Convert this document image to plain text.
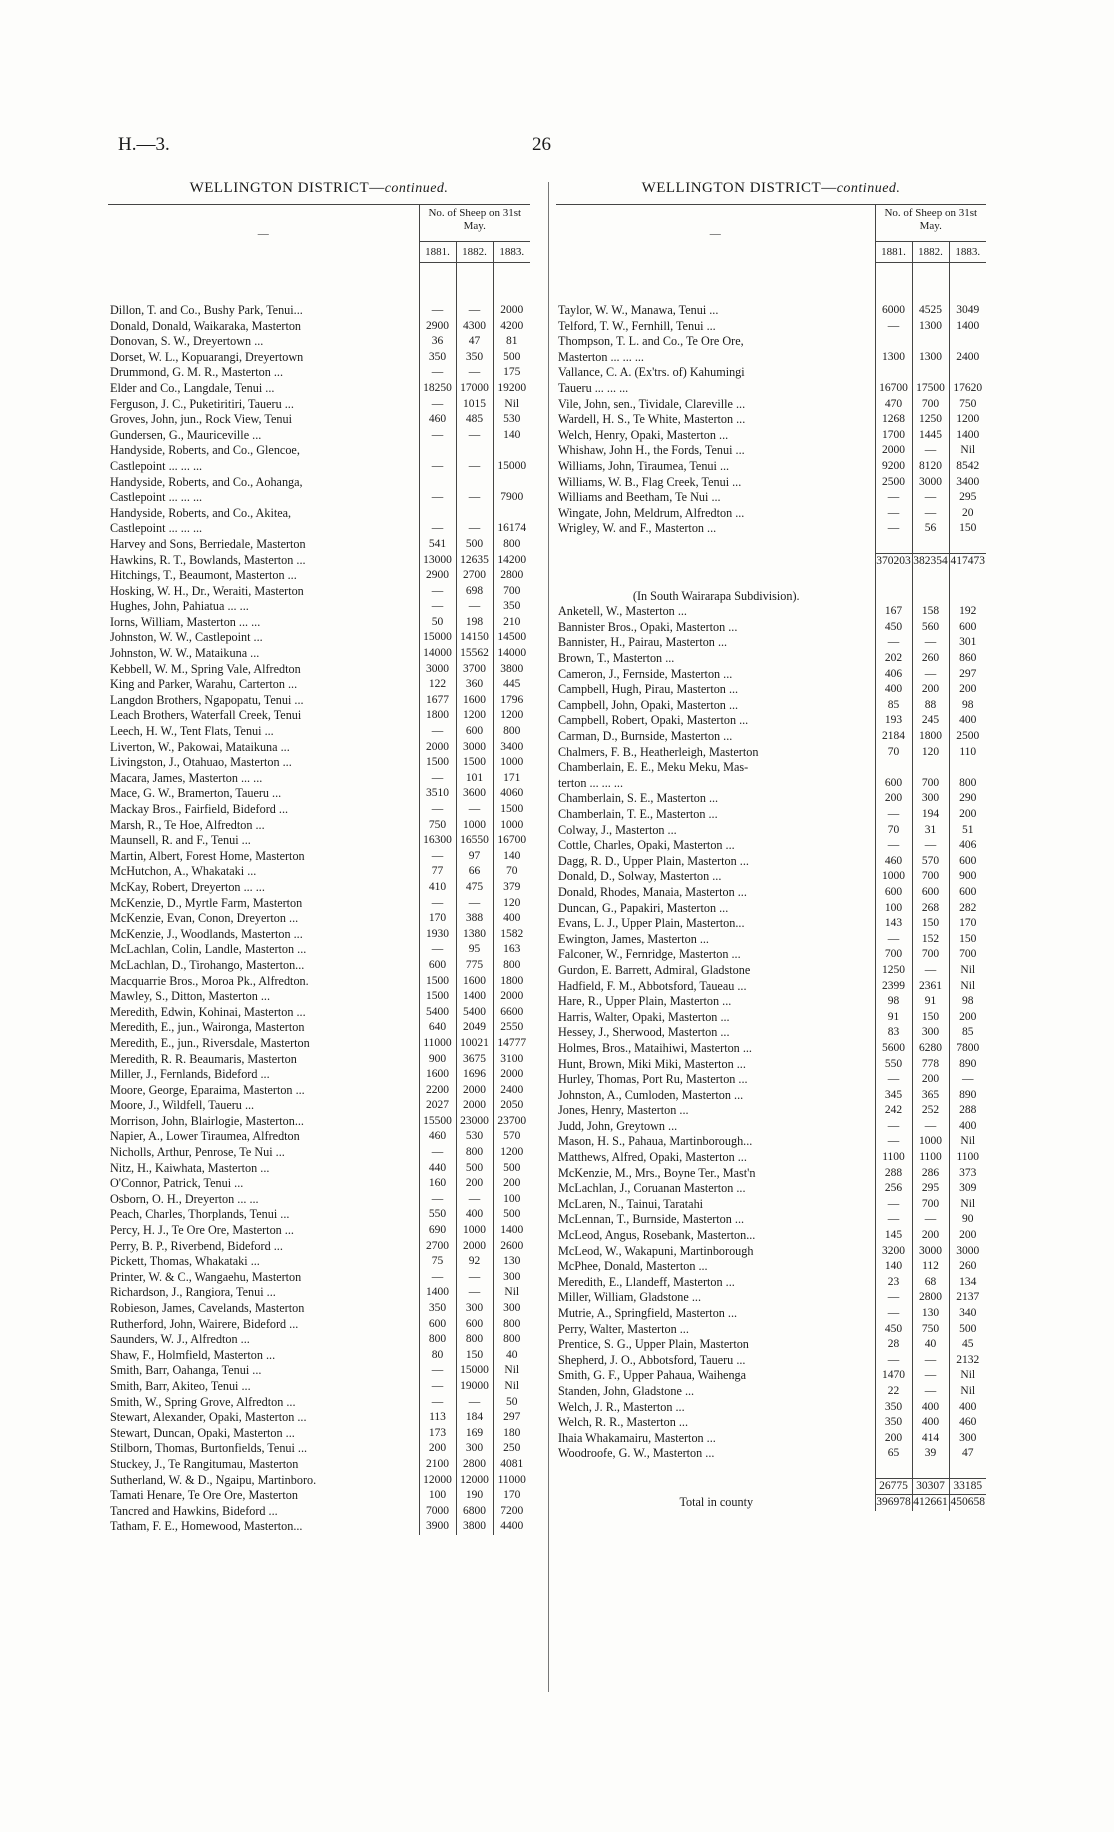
H.—3.	26
WELLINGTON DISTRICT—continued.
—	No. of Sheep on 31st May.		
	1881.	1882.	1883.

Dillon, T. and Co., Bushy Park, Tenui...	—	—	2000
Donald, Donald, Waikaraka, Masterton	2900	4300	4200
Donovan, S. W., Dreyertown ...	36	47	81
Dorset, W. L., Kopuarangi, Dreyertown	350	350	500
Drummond, G. M. R., Masterton ...	—	—	175
Elder and Co., Langdale, Tenui ...	18250	17000	19200
Ferguson, J. C., Puketiritiri, Taueru ...	—	1015	Nil
Groves, John, jun., Rock View, Tenui	460	485	530
Gundersen, G., Mauriceville ...	—	—	140
Handyside, Roberts, and Co., Glencoe,			
Castlepoint ... ... ...	—	—	15000
Handyside, Roberts, and Co., Aohanga,			
Castlepoint ... ... ...	—	—	7900
Handyside, Roberts, and Co., Akitea,			
Castlepoint ... ... ...	—	—	16174
Harvey and Sons, Berriedale, Masterton	541	500	800
Hawkins, R. T., Bowlands, Masterton ...	13000	12635	14200
Hitchings, T., Beaumont, Masterton ...	2900	2700	2800
Hosking, W. H., Dr., Weraiti, Masterton	—	698	700
Hughes, John, Pahiatua ... ...	—	—	350
Iorns, William, Masterton ... ...	50	198	210
Johnston, W. W., Castlepoint ...	15000	14150	14500
Johnston, W. W., Mataikuna ...	14000	15562	14000
Kebbell, W. M., Spring Vale, Alfredton	3000	3700	3800
King and Parker, Warahu, Carterton ...	122	360	445
Langdon Brothers, Ngapopatu, Tenui ...	1677	1600	1796
Leach Brothers, Waterfall Creek, Tenui	1800	1200	1200
Leech, H. W., Tent Flats, Tenui ...	—	600	800
Liverton, W., Pakowai, Mataikuna ...	2000	3000	3400
Livingston, J., Otahuao, Masterton ...	1500	1500	1000
Macara, James, Masterton ... ...	—	101	171
Mace, G. W., Bramerton, Taueru ...	3510	3600	4060
Mackay Bros., Fairfield, Bideford ...	—	—	1500
Marsh, R., Te Hoe, Alfredton ...	750	1000	1000
Maunsell, R. and F., Tenui ...	16300	16550	16700
Martin, Albert, Forest Home, Masterton	—	97	140
McHutchon, A., Whakataki ...	77	66	70
McKay, Robert, Dreyerton ... ...	410	475	379
McKenzie, D., Myrtle Farm, Masterton	—	—	120
McKenzie, Evan, Conon, Dreyerton ...	170	388	400
McKenzie, J., Woodlands, Masterton ...	1930	1380	1582
McLachlan, Colin, Landle, Masterton ...	—	95	163
McLachlan, D., Tirohango, Masterton...	600	775	800
Macquarrie Bros., Moroa Pk., Alfredton.	1500	1600	1800
Mawley, S., Ditton, Masterton ...	1500	1400	2000
Meredith, Edwin, Kohinai, Masterton ...	5400	5400	6600
Meredith, E., jun., Waironga, Masterton	640	2049	2550
Meredith, E., jun., Riversdale, Masterton	11000	10021	14777
Meredith, R. R. Beaumaris, Masterton	900	3675	3100
Miller, J., Fernlands, Bideford ...	1600	1696	2000
Moore, George, Eparaima, Masterton ...	2200	2000	2400
Moore, J., Wildfell, Taueru ...	2027	2000	2050
Morrison, John, Blairlogie, Masterton...	15500	23000	23700
Napier, A., Lower Tiraumea, Alfredton	460	530	570
Nicholls, Arthur, Penrose, Te Nui ...	—	800	1200
Nitz, H., Kaiwhata, Masterton ...	440	500	500
O'Connor, Patrick, Tenui ...	160	200	200
Osborn, O. H., Dreyerton ... ...	—	—	100
Peach, Charles, Thorplands, Tenui ...	550	400	500
Percy, H. J., Te Ore Ore, Masterton ...	690	1000	1400
Perry, B. P., Riverbend, Bideford ...	2700	2000	2600
Pickett, Thomas, Whakataki ...	75	92	130
Printer, W. & C., Wangaehu, Masterton	—	—	300
Richardson, J., Rangiora, Tenui ...	1400	—	Nil
Robieson, James, Cavelands, Masterton	350	300	300
Rutherford, John, Wairere, Bideford ...	600	600	800
Saunders, W. J., Alfredton ...	800	800	800
Shaw, F., Holmfield, Masterton ...	80	150	40
Smith, Barr, Oahanga, Tenui ...	—	15000	Nil
Smith, Barr, Akiteo, Tenui ...	—	19000	Nil
Smith, W., Spring Grove, Alfredton ...	—	—	50
Stewart, Alexander, Opaki, Masterton ...	113	184	297
Stewart, Duncan, Opaki, Masterton ...	173	169	180
Stilborn, Thomas, Burtonfields, Tenui ...	200	300	250
Stuckey, J., Te Rangitumau, Masterton	2100	2800	4081
Sutherland, W. & D., Ngaipu, Martinboro.	12000	12000	11000
Tamati Henare, Te Ore Ore, Masterton	100	190	170
Tancred and Hawkins, Bideford ...	7000	6800	7200
Tatham, F. E., Homewood, Masterton...	3900	3800	4400
WELLINGTON DISTRICT—continued.
—	No. of Sheep on 31st May.		
	1881.	1882.	1883.

Taylor, W. W., Manawa, Tenui ...	6000	4525	3049
Telford, T. W., Fernhill, Tenui ...	—	1300	1400
Thompson, T. L. and Co., Te Ore Ore,			
Masterton ... ... ...	1300	1300	2400
Vallance, C. A. (Ex'trs. of) Kahumingi			
Taueru ... ... ...	16700	17500	17620
Vile, John, sen., Tividale, Clareville ...	470	700	750
Wardell, H. S., Te White, Masterton ...	1268	1250	1200
Welch, Henry, Opaki, Masterton ...	1700	1445	1400
Whishaw, John H., the Fords, Tenui ...	2000	—	Nil
Williams, John, Tiraumea, Tenui ...	9200	8120	8542
Williams, W. B., Flag Creek, Tenui ...	2500	3000	3400
Williams and Beetham, Te Nui ...	—	—	295
Wingate, John, Meldrum, Alfredton ...	—	—	20
Wrigley, W. and F., Masterton ...	—	56	150

	370203	382354	417473

(In South Wairarapa Subdivision).			
Anketell, W., Masterton ...	167	158	192
Bannister Bros., Opaki, Masterton ...	450	560	600
Bannister, H., Pairau, Masterton ...	—	—	301
Brown, T., Masterton ...	202	260	860
Cameron, J., Fernside, Masterton ...	406	—	297
Campbell, Hugh, Pirau, Masterton ...	400	200	200
Campbell, John, Opaki, Masterton ...	85	88	98
Campbell, Robert, Opaki, Masterton ...	193	245	400
Carman, D., Burnside, Masterton ...	2184	1800	2500
Chalmers, F. B., Heatherleigh, Masterton	70	120	110
Chamberlain, E. E., Meku Meku, Mas-			
terton ... ... ...	600	700	800
Chamberlain, S. E., Masterton ...	200	300	290
Chamberlain, T. E., Masterton ...	—	194	200
Colway, J., Masterton ...	70	31	51
Cottle, Charles, Opaki, Masterton ...	—	—	406
Dagg, R. D., Upper Plain, Masterton ...	460	570	600
Donald, D., Solway, Masterton ...	1000	700	900
Donald, Rhodes, Manaia, Masterton ...	600	600	600
Duncan, G., Papakiri, Masterton ...	100	268	282
Evans, L. J., Upper Plain, Masterton...	143	150	170
Ewington, James, Masterton ...	—	152	150
Falconer, W., Fernridge, Masterton ...	700	700	700
Gurdon, E. Barrett, Admiral, Gladstone	1250	—	Nil
Hadfield, F. M., Abbotsford, Taueau ...	2399	2361	Nil
Hare, R., Upper Plain, Masterton ...	98	91	98
Harris, Walter, Opaki, Masterton ...	91	150	200
Hessey, J., Sherwood, Masterton ...	83	300	85
Holmes, Bros., Mataihiwi, Masterton ...	5600	6280	7800
Hunt, Brown, Miki Miki, Masterton ...	550	778	890
Hurley, Thomas, Port Ru, Masterton ...	—	200	—
Johnston, A., Cumloden, Masterton ...	345	365	890
Jones, Henry, Masterton ...	242	252	288
Judd, John, Greytown ...	—	—	400
Mason, H. S., Pahaua, Martinborough...	—	1000	Nil
Matthews, Alfred, Opaki, Masterton ...	1100	1100	1100
McKenzie, M., Mrs., Boyne Ter., Mast'n	288	286	373
McLachlan, J., Coruanan Masterton ...	256	295	309
McLaren, N., Tainui, Taratahi	—	700	Nil
McLennan, T., Burnside, Masterton ...	—	—	90
McLeod, Angus, Rosebank, Masterton...	145	200	200
McLeod, W., Wakapuni, Martinborough	3200	3000	3000
McPhee, Donald, Masterton ...	140	112	260
Meredith, E., Llandeff, Masterton ...	23	68	134
Miller, William, Gladstone ...	—	2800	2137
Mutrie, A., Springfield, Masterton ...	—	130	340
Perry, Walter, Masterton ...	450	750	500
Prentice, S. G., Upper Plain, Masterton	28	40	45
Shepherd, J. O., Abbotsford, Taueru ...	—	—	2132
Smith, G. F., Upper Pahaua, Waihenga	1470	—	Nil
Standen, John, Gladstone ...	22	—	Nil
Welch, J. R., Masterton ...	350	400	400
Welch, R. R., Masterton ...	350	400	460
Ihaia Whakamairu, Masterton ...	200	414	300
Woodroofe, G. W., Masterton ...	65	39	47

	26775	30307	33185
Total in county	396978	412661	450658
